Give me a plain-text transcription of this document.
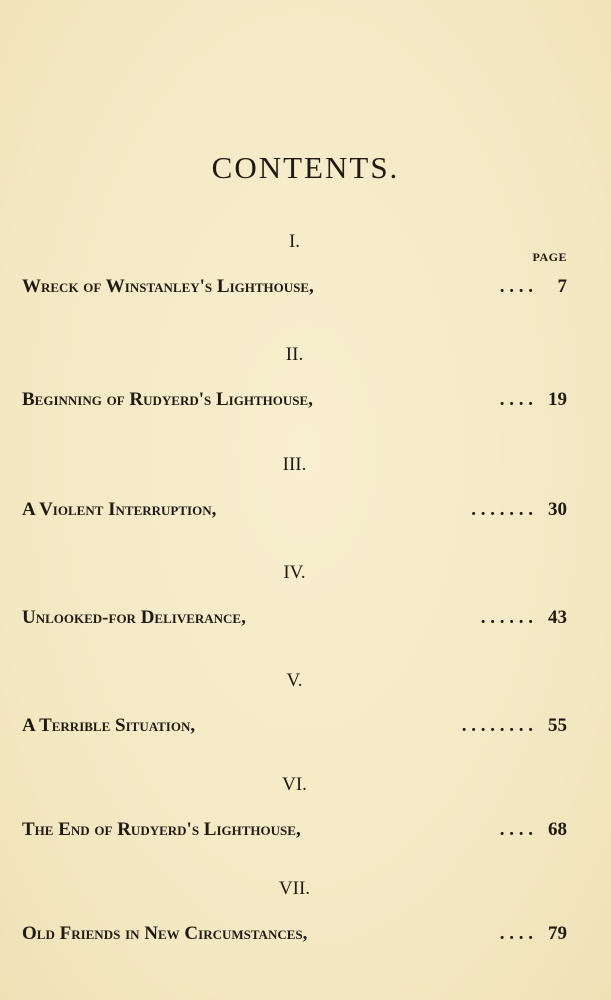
CONTENTS.
I.
PAGE
Wreck of Winstanley's Lighthouse,	. . . .	7
II.
Beginning of Rudyerd's Lighthouse,	. . . . 19
III.
A Violent Interruption,	. . . . . . . 30
IV.
Unlooked-for Deliverance,	. . . . . . 43
V.
A Terrible Situation,	. . . . . . . . 55
VI.
The End of Rudyerd's Lighthouse,	. . . . 68
VII.
Old Friends in New Circumstances,	. . . . 79
